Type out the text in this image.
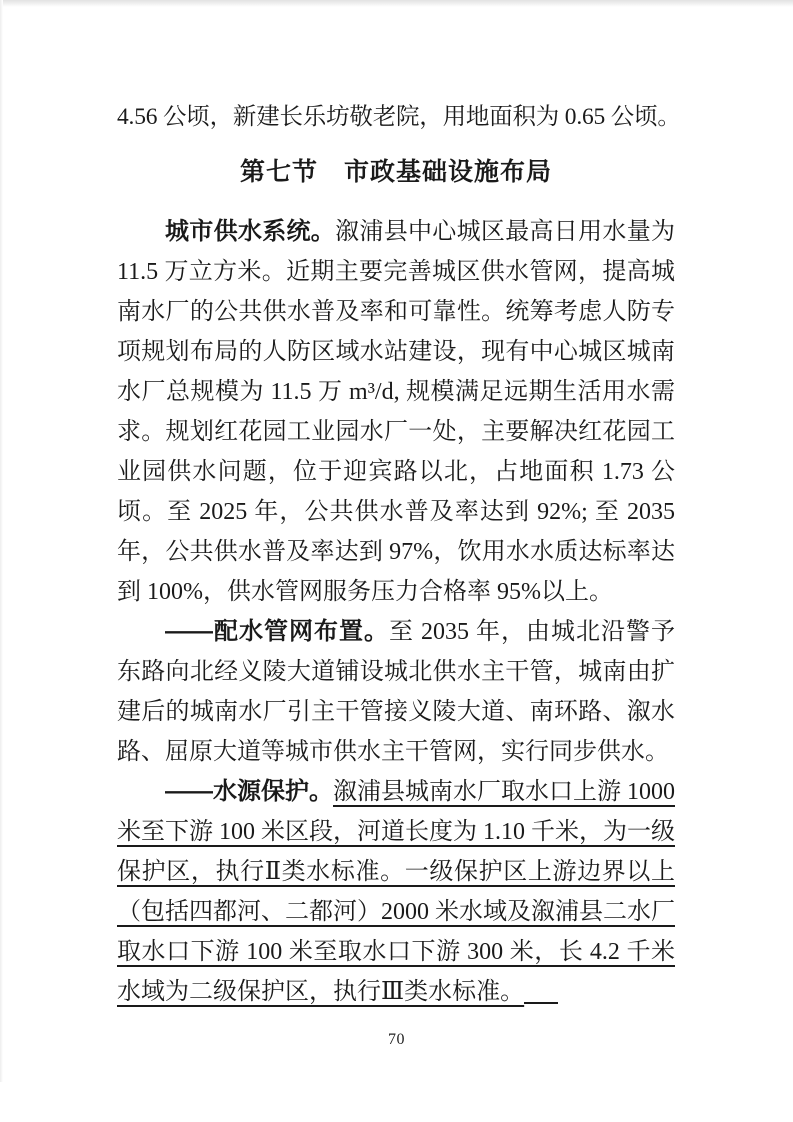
4.56 公顷，新建长乐坊敬老院，用地面积为 0.65 公顷。

第七节　市政基础设施布局

城市供水系统。溆浦县中心城区最高日用水量为 11.5 万立方米。近期主要完善城区供水管网，提高城南水厂的公共供水普及率和可靠性。统筹考虑人防专项规划布局的人防区域水站建设，现有中心城区城南水厂总规模为 11.5 万 m³/d, 规模满足远期生活用水需求。规划红花园工业园水厂一处，主要解决红花园工业园供水问题，位于迎宾路以北，占地面积 1.73 公顷。至 2025 年，公共供水普及率达到 92%; 至 2035 年，公共供水普及率达到 97%，饮用水水质达标率达到 100%，供水管网服务压力合格率 95%以上。

——配水管网布置。至 2035 年，由城北沿警予东路向北经义陵大道铺设城北供水主干管，城南由扩建后的城南水厂引主干管接义陵大道、南环路、溆水路、屈原大道等城市供水主干管网，实行同步供水。

——水源保护。溆浦县城南水厂取水口上游 1000 米至下游 100 米区段，河道长度为 1.10 千米，为一级保护区，执行Ⅱ类水标准。一级保护区上游边界以上（包括四都河、二都河）2000 米水域及溆浦县二水厂取水口下游 100 米至取水口下游 300 米，长 4.2 千米水域为二级保护区，执行Ⅲ类水标准。

70
